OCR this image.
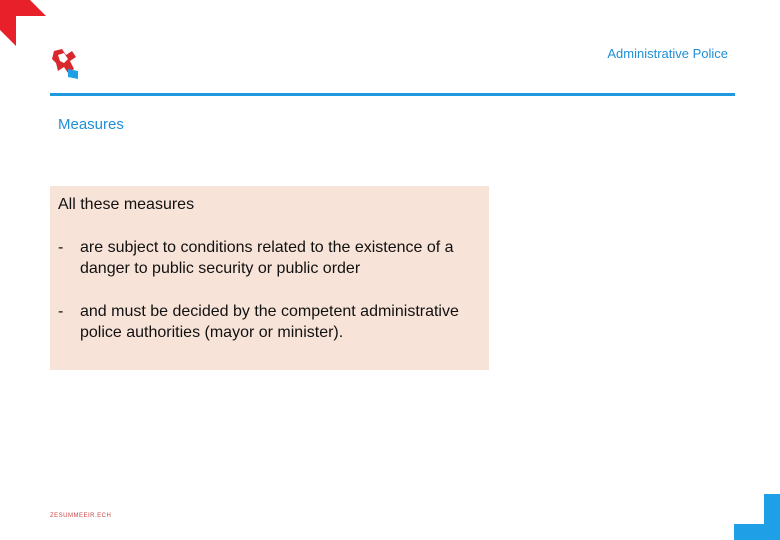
Administrative Police
Measures

All these measures

-	are subject to conditions related to the existence of a danger to public security or public order
-	and must be decided by the competent administrative police authorities (mayor or minister).
ZESUMMEEIR.ECH
